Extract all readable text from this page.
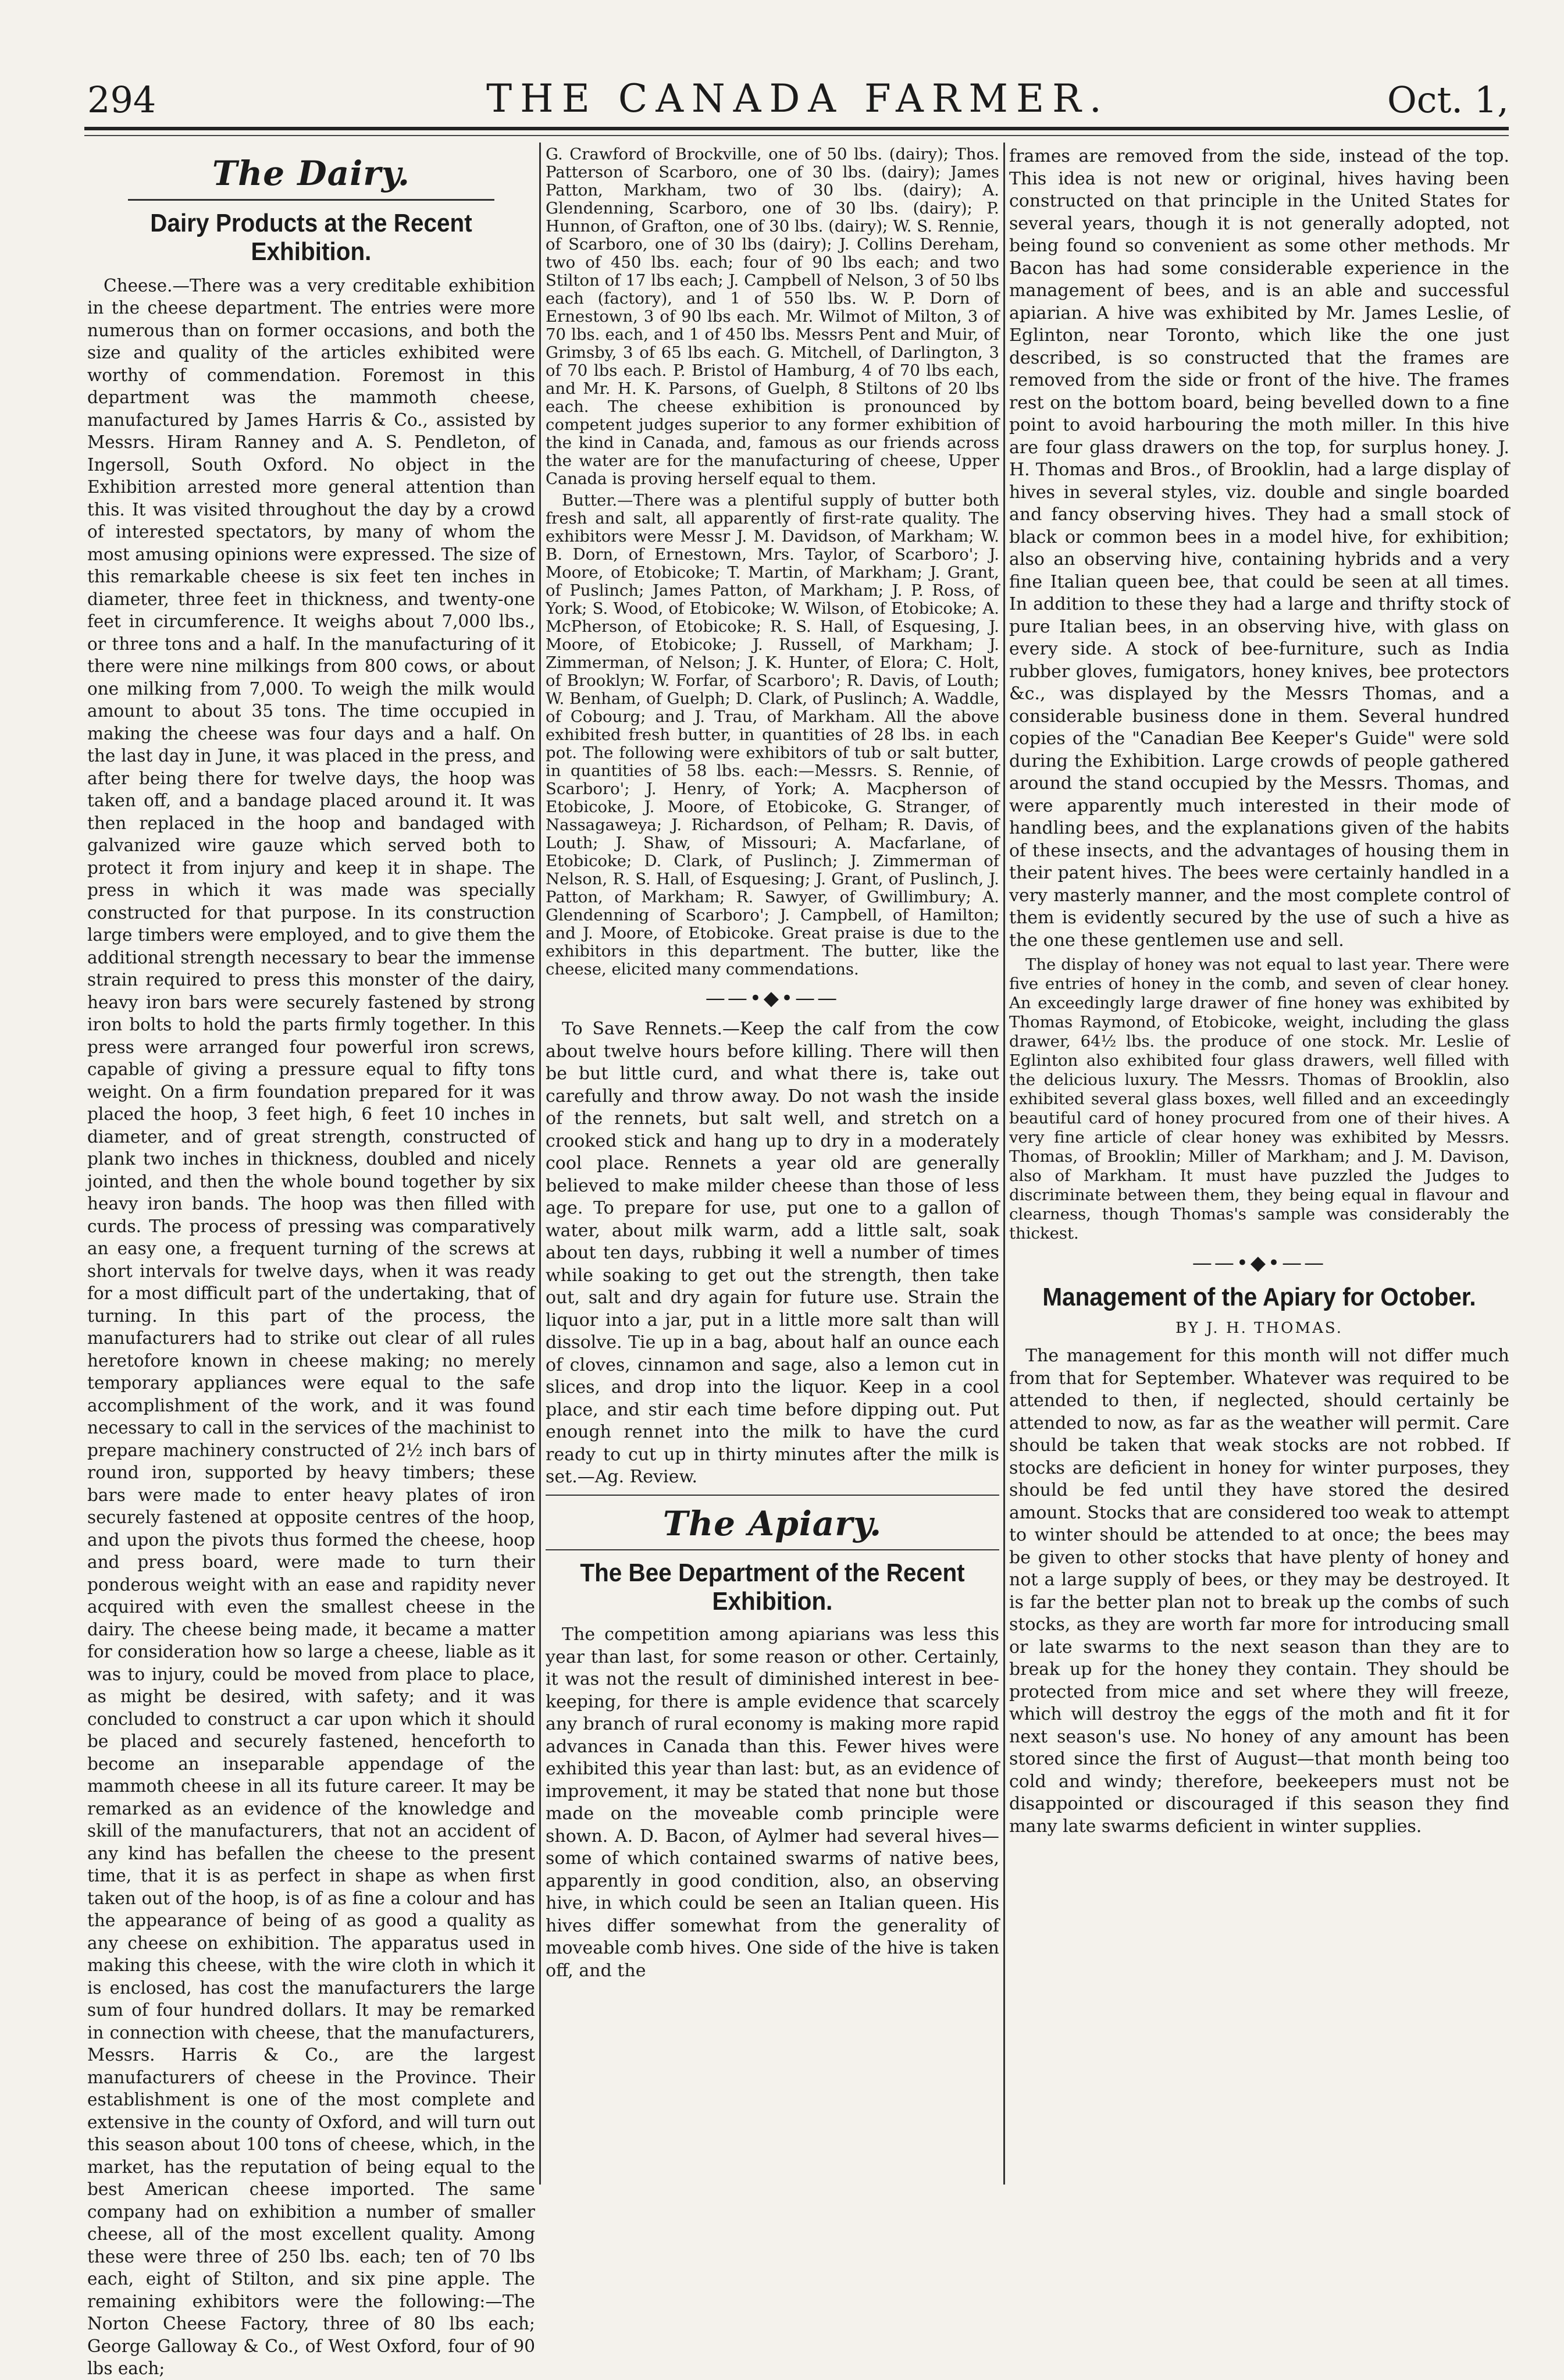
294	THE CANADA FARMER.	Oct. 1,
The Dairy.
Dairy Products at the Recent Exhibition.

Cheese.—There was a very creditable exhibition in the cheese department. The entries were more numerous than on former occasions, and both the size and quality of the articles exhibited were worthy of commendation. Foremost in this department was the mammoth cheese, manufactured by James Harris & Co., assisted by Messrs. Hiram Ranney and A. S. Pendleton, of Ingersoll, South Oxford. No object in the Exhibition arrested more general attention than this. It was visited throughout the day by a crowd of interested spectators, by many of whom the most amusing opinions were expressed. The size of this remarkable cheese is six feet ten inches in diameter, three feet in thickness, and twenty-one feet in circumference. It weighs about 7,000 lbs., or three tons and a half. In the manufacturing of it there were nine milkings from 800 cows, or about one milking from 7,000. To weigh the milk would amount to about 35 tons. The time occupied in making the cheese was four days and a half. On the last day in June, it was placed in the press, and after being there for twelve days, the hoop was taken off, and a bandage placed around it. It was then replaced in the hoop and bandaged with galvanized wire gauze which served both to protect it from injury and keep it in shape. The press in which it was made was specially constructed for that purpose. In its construction large timbers were employed, and to give them the additional strength necessary to bear the immense strain required to press this monster of the dairy, heavy iron bars were securely fastened by strong iron bolts to hold the parts firmly together. In this press were arranged four powerful iron screws, capable of giving a pressure equal to fifty tons weight. On a firm foundation prepared for it was placed the hoop, 3 feet high, 6 feet 10 inches in diameter, and of great strength, constructed of plank two inches in thickness, doubled and nicely jointed, and then the whole bound together by six heavy iron bands. The hoop was then filled with curds. The process of pressing was comparatively an easy one, a frequent turning of the screws at short intervals for twelve days, when it was ready for a most difficult part of the undertaking, that of turning. In this part of the process, the manufacturers had to strike out clear of all rules heretofore known in cheese making; no merely temporary appliances were equal to the safe accomplishment of the work, and it was found necessary to call in the services of the machinist to prepare machinery constructed of 2½ inch bars of round iron, supported by heavy timbers; these bars were made to enter heavy plates of iron securely fastened at opposite centres of the hoop, and upon the pivots thus formed the cheese, hoop and press board, were made to turn their ponderous weight with an ease and rapidity never acquired with even the smallest cheese in the dairy. The cheese being made, it became a matter for consideration how so large a cheese, liable as it was to injury, could be moved from place to place, as might be desired, with safety; and it was concluded to construct a car upon which it should be placed and securely fastened, henceforth to become an inseparable appendage of the mammoth cheese in all its future career. It may be remarked as an evidence of the knowledge and skill of the manufacturers, that not an accident of any kind has befallen the cheese to the present time, that it is as perfect in shape as when first taken out of the hoop, is of as fine a colour and has the appearance of being of as good a quality as any cheese on exhibition. The apparatus used in making this cheese, with the wire cloth in which it is enclosed, has cost the manufacturers the large sum of four hundred dollars. It may be remarked in connection with cheese, that the manufacturers, Messrs. Harris & Co., are the largest manufacturers of cheese in the Province. Their establishment is one of the most complete and extensive in the county of Oxford, and will turn out this season about 100 tons of cheese, which, in the market, has the reputation of being equal to the best American cheese imported. The same company had on exhibition a number of smaller cheese, all of the most excellent quality. Among these were three of 250 lbs. each; ten of 70 lbs each, eight of Stilton, and six pine apple. The remaining exhibitors were the following:—The Norton Cheese Factory, three of 80 lbs each; George Galloway & Co., of West Oxford, four of 90 lbs each;

G. Crawford of Brockville, one of 50 lbs. (dairy); Thos. Patterson of Scarboro, one of 30 lbs. (dairy); James Patton, Markham, two of 30 lbs. (dairy); A. Glendenning, Scarboro, one of 30 lbs. (dairy); P. Hunnon, of Grafton, one of 30 lbs. (dairy); W. S. Rennie, of Scarboro, one of 30 lbs (dairy); J. Collins Dereham, two of 450 lbs. each; four of 90 lbs each; and two Stilton of 17 lbs each; J. Campbell of Nelson, 3 of 50 lbs each (factory), and 1 of 550 lbs. W. P. Dorn of Ernestown, 3 of 90 lbs each. Mr. Wilmot of Milton, 3 of 70 lbs. each, and 1 of 450 lbs. Messrs Pent and Muir, of Grimsby, 3 of 65 lbs each. G. Mitchell, of Darlington, 3 of 70 lbs each. P. Bristol of Hamburg, 4 of 70 lbs each, and Mr. H. K. Parsons, of Guelph, 8 Stiltons of 20 lbs each. The cheese exhibition is pronounced by competent judges superior to any former exhibition of the kind in Canada, and, famous as our friends across the water are for the manufacturing of cheese, Upper Canada is proving herself equal to them.

Butter.—There was a plentiful supply of butter both fresh and salt, all apparently of first-rate quality. The exhibitors were Messr J. M. Davidson, of Markham; W. B. Dorn, of Ernestown, Mrs. Taylor, of Scarboro'; J. Moore, of Etobicoke; T. Martin, of Markham; J. Grant, of Puslinch; James Patton, of Markham; J. P. Ross, of York; S. Wood, of Etobicoke; W. Wilson, of Etobicoke; A. McPherson, of Etobicoke; R. S. Hall, of Esquesing, J. Moore, of Etobicoke; J. Russell, of Markham; J. Zimmerman, of Nelson; J. K. Hunter, of Elora; C. Holt, of Brooklyn; W. Forfar, of Scarboro'; R. Davis, of Louth; W. Benham, of Guelph; D. Clark, of Puslinch; A. Waddle, of Cobourg; and J. Trau, of Markham. All the above exhibited fresh butter, in quantities of 28 lbs. in each pot. The following were exhibitors of tub or salt butter, in quantities of 58 lbs. each:—Messrs. S. Rennie, of Scarboro'; J. Henry, of York; A. Macpherson of Etobicoke, J. Moore, of Etobicoke, G. Stranger, of Nassagaweya; J. Richardson, of Pelham; R. Davis, of Louth; J. Shaw, of Missouri; A. Macfarlane, of Etobicoke; D. Clark, of Puslinch; J. Zimmerman of Nelson, R. S. Hall, of Esquesing; J. Grant, of Puslinch, J. Patton, of Markham; R. Sawyer, of Gwillimbury; A. Glendenning of Scarboro'; J. Campbell, of Hamilton; and J. Moore, of Etobicoke. Great praise is due to the exhibitors in this department. The butter, like the cheese, elicited many commendations.

——•◆•——

To Save Rennets.—Keep the calf from the cow about twelve hours before killing. There will then be but little curd, and what there is, take out carefully and throw away. Do not wash the inside of the rennets, but salt well, and stretch on a crooked stick and hang up to dry in a moderately cool place. Rennets a year old are generally believed to make milder cheese than those of less age. To prepare for use, put one to a gallon of water, about milk warm, add a little salt, soak about ten days, rubbing it well a number of times while soaking to get out the strength, then take out, salt and dry again for future use. Strain the liquor into a jar, put in a little more salt than will dissolve. Tie up in a bag, about half an ounce each of cloves, cinnamon and sage, also a lemon cut in slices, and drop into the liquor. Keep in a cool place, and stir each time before dipping out. Put enough rennet into the milk to have the curd ready to cut up in thirty minutes after the milk is set.—Ag. Review.

The Apiary.
The Bee Department of the Recent Exhibition.

The competition among apiarians was less this year than last, for some reason or other. Certainly, it was not the result of diminished interest in bee-keeping, for there is ample evidence that scarcely any branch of rural economy is making more rapid advances in Canada than this. Fewer hives were exhibited this year than last: but, as an evidence of improvement, it may be stated that none but those made on the moveable comb principle were shown. A. D. Bacon, of Aylmer had several hives—some of which contained swarms of native bees, apparently in good condition, also, an observing hive, in which could be seen an Italian queen. His hives differ somewhat from the generality of moveable comb hives. One side of the hive is taken off, and the

frames are removed from the side, instead of the top. This idea is not new or original, hives having been constructed on that principle in the United States for several years, though it is not generally adopted, not being found so convenient as some other methods. Mr Bacon has had some considerable experience in the management of bees, and is an able and successful apiarian. A hive was exhibited by Mr. James Leslie, of Eglinton, near Toronto, which like the one just described, is so constructed that the frames are removed from the side or front of the hive. The frames rest on the bottom board, being bevelled down to a fine point to avoid harbouring the moth miller. In this hive are four glass drawers on the top, for surplus honey. J. H. Thomas and Bros., of Brooklin, had a large display of hives in several styles, viz. double and single boarded and fancy observing hives. They had a small stock of black or common bees in a model hive, for exhibition; also an observing hive, containing hybrids and a very fine Italian queen bee, that could be seen at all times. In addition to these they had a large and thrifty stock of pure Italian bees, in an observing hive, with glass on every side. A stock of bee-furniture, such as India rubber gloves, fumigators, honey knives, bee protectors &c., was displayed by the Messrs Thomas, and a considerable business done in them. Several hundred copies of the "Canadian Bee Keeper's Guide" were sold during the Exhibition. Large crowds of people gathered around the stand occupied by the Messrs. Thomas, and were apparently much interested in their mode of handling bees, and the explanations given of the habits of these insects, and the advantages of housing them in their patent hives. The bees were certainly handled in a very masterly manner, and the most complete control of them is evidently secured by the use of such a hive as the one these gentlemen use and sell.

The display of honey was not equal to last year. There were five entries of honey in the comb, and seven of clear honey. An exceedingly large drawer of fine honey was exhibited by Thomas Raymond, of Etobicoke, weight, including the glass drawer, 64½ lbs. the produce of one stock. Mr. Leslie of Eglinton also exhibited four glass drawers, well filled with the delicious luxury. The Messrs. Thomas of Brooklin, also exhibited several glass boxes, well filled and an exceedingly beautiful card of honey procured from one of their hives. A very fine article of clear honey was exhibited by Messrs. Thomas, of Brooklin; Miller of Markham; and J. M. Davison, also of Markham. It must have puzzled the Judges to discriminate between them, they being equal in flavour and clearness, though Thomas's sample was considerably the thickest.

——•◆•——
Management of the Apiary for October.
BY J. H. THOMAS.

The management for this month will not differ much from that for September. Whatever was required to be attended to then, if neglected, should certainly be attended to now, as far as the weather will permit. Care should be taken that weak stocks are not robbed. If stocks are deficient in honey for winter purposes, they should be fed until they have stored the desired amount. Stocks that are considered too weak to attempt to winter should be attended to at once; the bees may be given to other stocks that have plenty of honey and not a large supply of bees, or they may be destroyed. It is far the better plan not to break up the combs of such stocks, as they are worth far more for introducing small or late swarms to the next season than they are to break up for the honey they contain. They should be protected from mice and set where they will freeze, which will destroy the eggs of the moth and fit it for next season's use. No honey of any amount has been stored since the first of August—that month being too cold and windy; therefore, beekeepers must not be disappointed or discouraged if this season they find many late swarms deficient in winter supplies.
